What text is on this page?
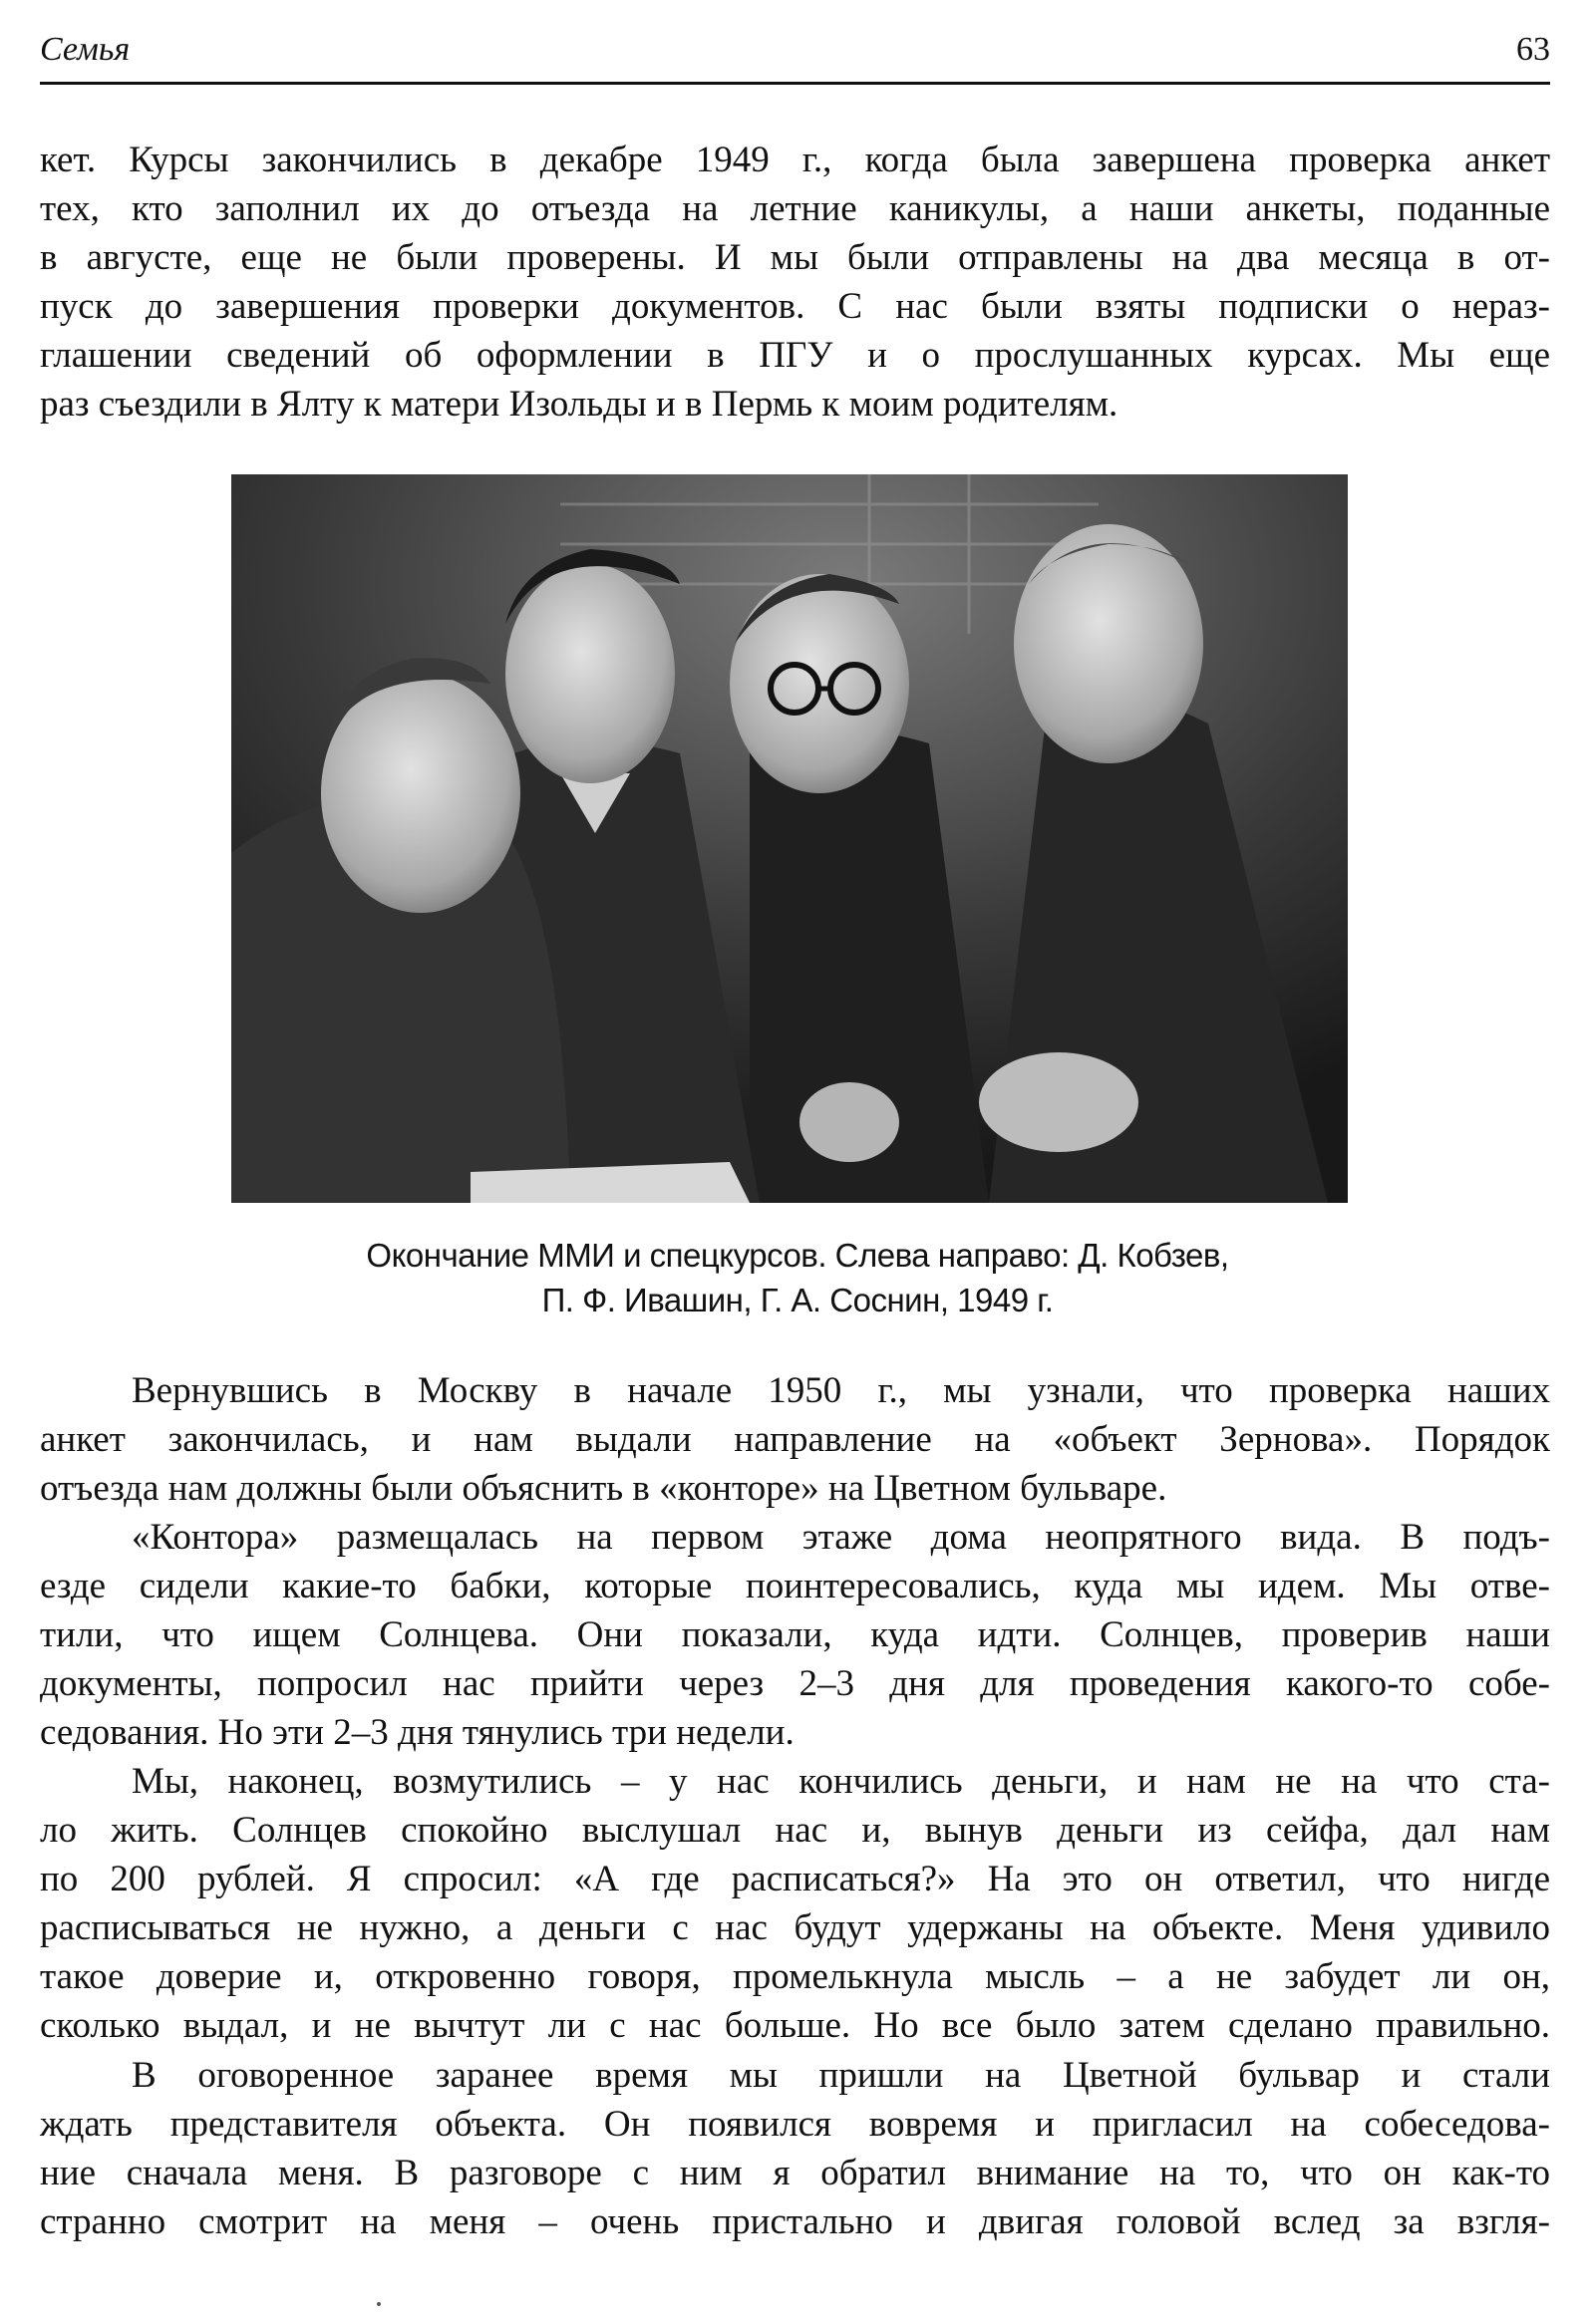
Семья	63

кет. Курсы закончились в декабре 1949 г., когда была завершена проверка анкет
тех, кто заполнил их до отъезда на летние каникулы, а наши анкеты, поданные
в августе, еще не были проверены. И мы были отправлены на два месяца в от-
пуск до завершения проверки документов. С нас были взяты подписки о нераз-
глашении сведений об оформлении в ПГУ и о прослушанных курсах. Мы еще
раз съездили в Ялту к матери Изольды и в Пермь к моим родителям.

Окончание ММИ и спецкурсов. Слева направо: Д. Кобзев,
П. Ф. Ивашин, Г. А. Соснин, 1949 г.

Вернувшись в Москву в начале 1950 г., мы узнали, что проверка наших
анкет закончилась, и нам выдали направление на «объект Зернова». Порядок
отъезда нам должны были объяснить в «конторе» на Цветном бульваре.

«Контора» размещалась на первом этаже дома неопрятного вида. В подъ-
езде сидели какие-то бабки, которые поинтересовались, куда мы идем. Мы отве-
тили, что ищем Солнцева. Они показали, куда идти. Солнцев, проверив наши
документы, попросил нас прийти через 2–3 дня для проведения какого-то собе-
седования. Но эти 2–3 дня тянулись три недели.

Мы, наконец, возмутились – у нас кончились деньги, и нам не на что ста-
ло жить. Солнцев спокойно выслушал нас и, вынув деньги из сейфа, дал нам
по 200 рублей. Я спросил: «А где расписаться?» На это он ответил, что нигде
расписываться не нужно, а деньги с нас будут удержаны на объекте. Меня удивило
такое доверие и, откровенно говоря, промелькнула мысль – а не забудет ли он,
сколько выдал, и не вычтут ли с нас больше. Но все было затем сделано правильно.

В оговоренное заранее время мы пришли на Цветной бульвар и стали
ждать представителя объекта. Он появился вовремя и пригласил на собеседова-
ние сначала меня. В разговоре с ним я обратил внимание на то, что он как-то
странно смотрит на меня – очень пристально и двигая головой вслед за взгля-
